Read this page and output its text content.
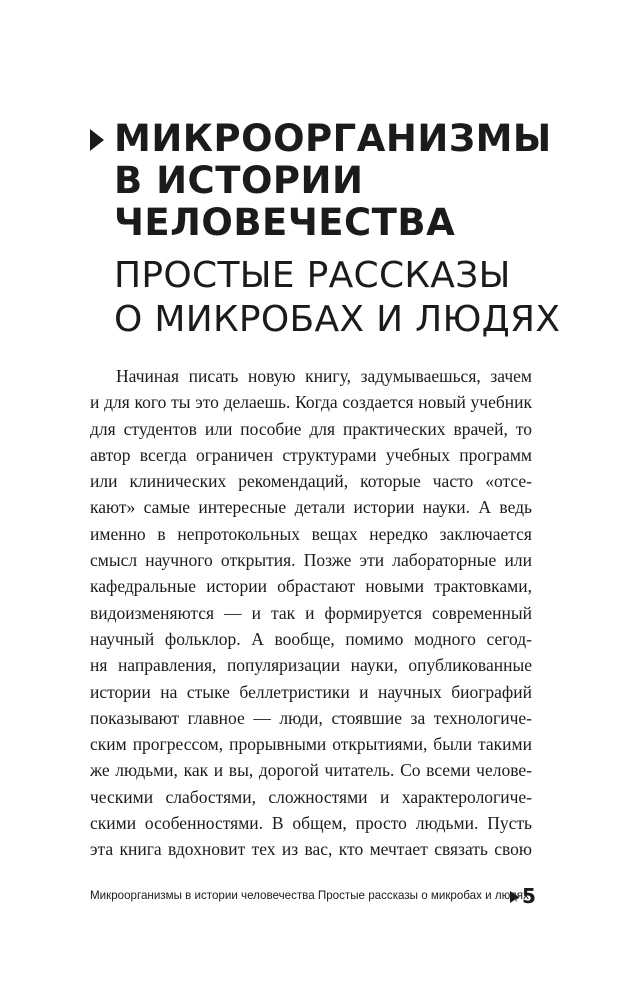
МИКРООРГАНИЗМЫ
В ИСТОРИИ
ЧЕЛОВЕЧЕСТВА
ПРОСТЫЕ РАССКАЗЫ
О МИКРОБАХ И ЛЮДЯХ
Начиная писать новую книгу, задумываешься, зачем
и для кого ты это делаешь. Когда создается новый учебник
для студентов или пособие для практических врачей, то
автор всегда ограничен структурами учебных программ
или клинических рекомендаций, которые часто «отсе-
кают» самые интересные детали истории науки. А ведь
именно в непротокольных вещах нередко заключается
смысл научного открытия. Позже эти лабораторные или
кафедральные истории обрастают новыми трактовками,
видоизменяются — и так и формируется современный
научный фольклор. А вообще, помимо модного сегод-
ня направления, популяризации науки, опубликованные
истории на стыке беллетристики и научных биографий
показывают главное — люди, стоявшие за технологиче-
ским прогрессом, прорывными открытиями, были такими
же людьми, как и вы, дорогой читатель. Со всеми челове-
ческими слабостями, сложностями и характерологиче-
скими особенностями. В общем, просто людьми. Пусть
эта книга вдохновит тех из вас, кто мечтает связать свою
Микроорганизмы в истории человечества Простые рассказы о микробах и людях
5
